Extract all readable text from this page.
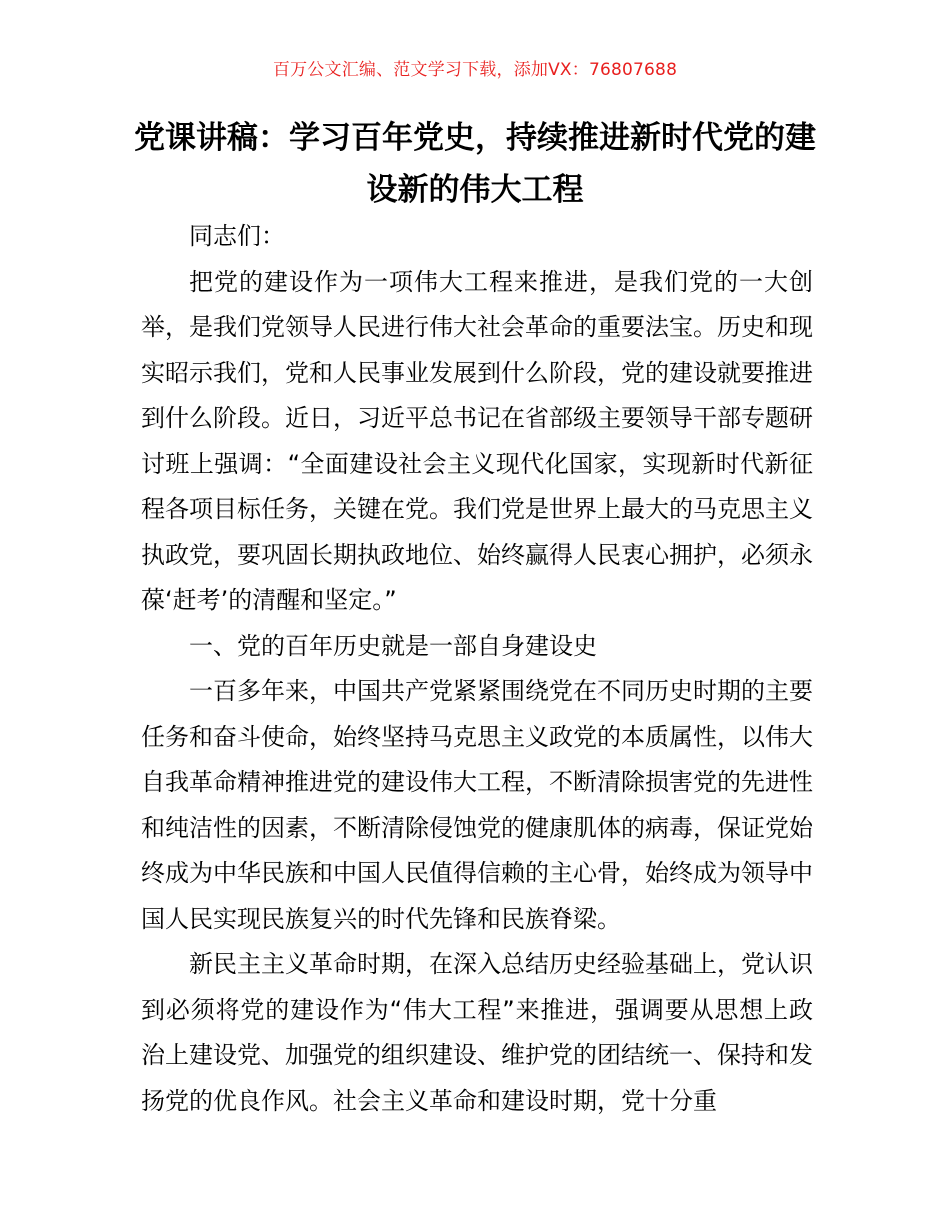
百万公文汇编、范文学习下载，添加VX：76807688
党课讲稿：学习百年党史，持续推进新时代党的建设新的伟大工程

同志们：

把党的建设作为一项伟大工程来推进，是我们党的一大创举，是我们党领导人民进行伟大社会革命的重要法宝。历史和现实昭示我们，党和人民事业发展到什么阶段，党的建设就要推进到什么阶段。近日，习近平总书记在省部级主要领导干部专题研讨班上强调：“全面建设社会主义现代化国家，实现新时代新征程各项目标任务，关键在党。我们党是世界上最大的马克思主义执政党，要巩固长期执政地位、始终赢得人民衷心拥护，必须永葆‘赶考’的清醒和坚定。”

一、党的百年历史就是一部自身建设史

一百多年来，中国共产党紧紧围绕党在不同历史时期的主要任务和奋斗使命，始终坚持马克思主义政党的本质属性，以伟大自我革命精神推进党的建设伟大工程，不断清除损害党的先进性和纯洁性的因素，不断清除侵蚀党的健康肌体的病毒，保证党始终成为中华民族和中国人民值得信赖的主心骨，始终成为领导中国人民实现民族复兴的时代先锋和民族脊梁。

新民主主义革命时期，在深入总结历史经验基础上，党认识到必须将党的建设作为“伟大工程”来推进，强调要从思想上政治上建设党、加强党的组织建设、维护党的团结统一、保持和发扬党的优良作风。社会主义革命和建设时期，党十分重
